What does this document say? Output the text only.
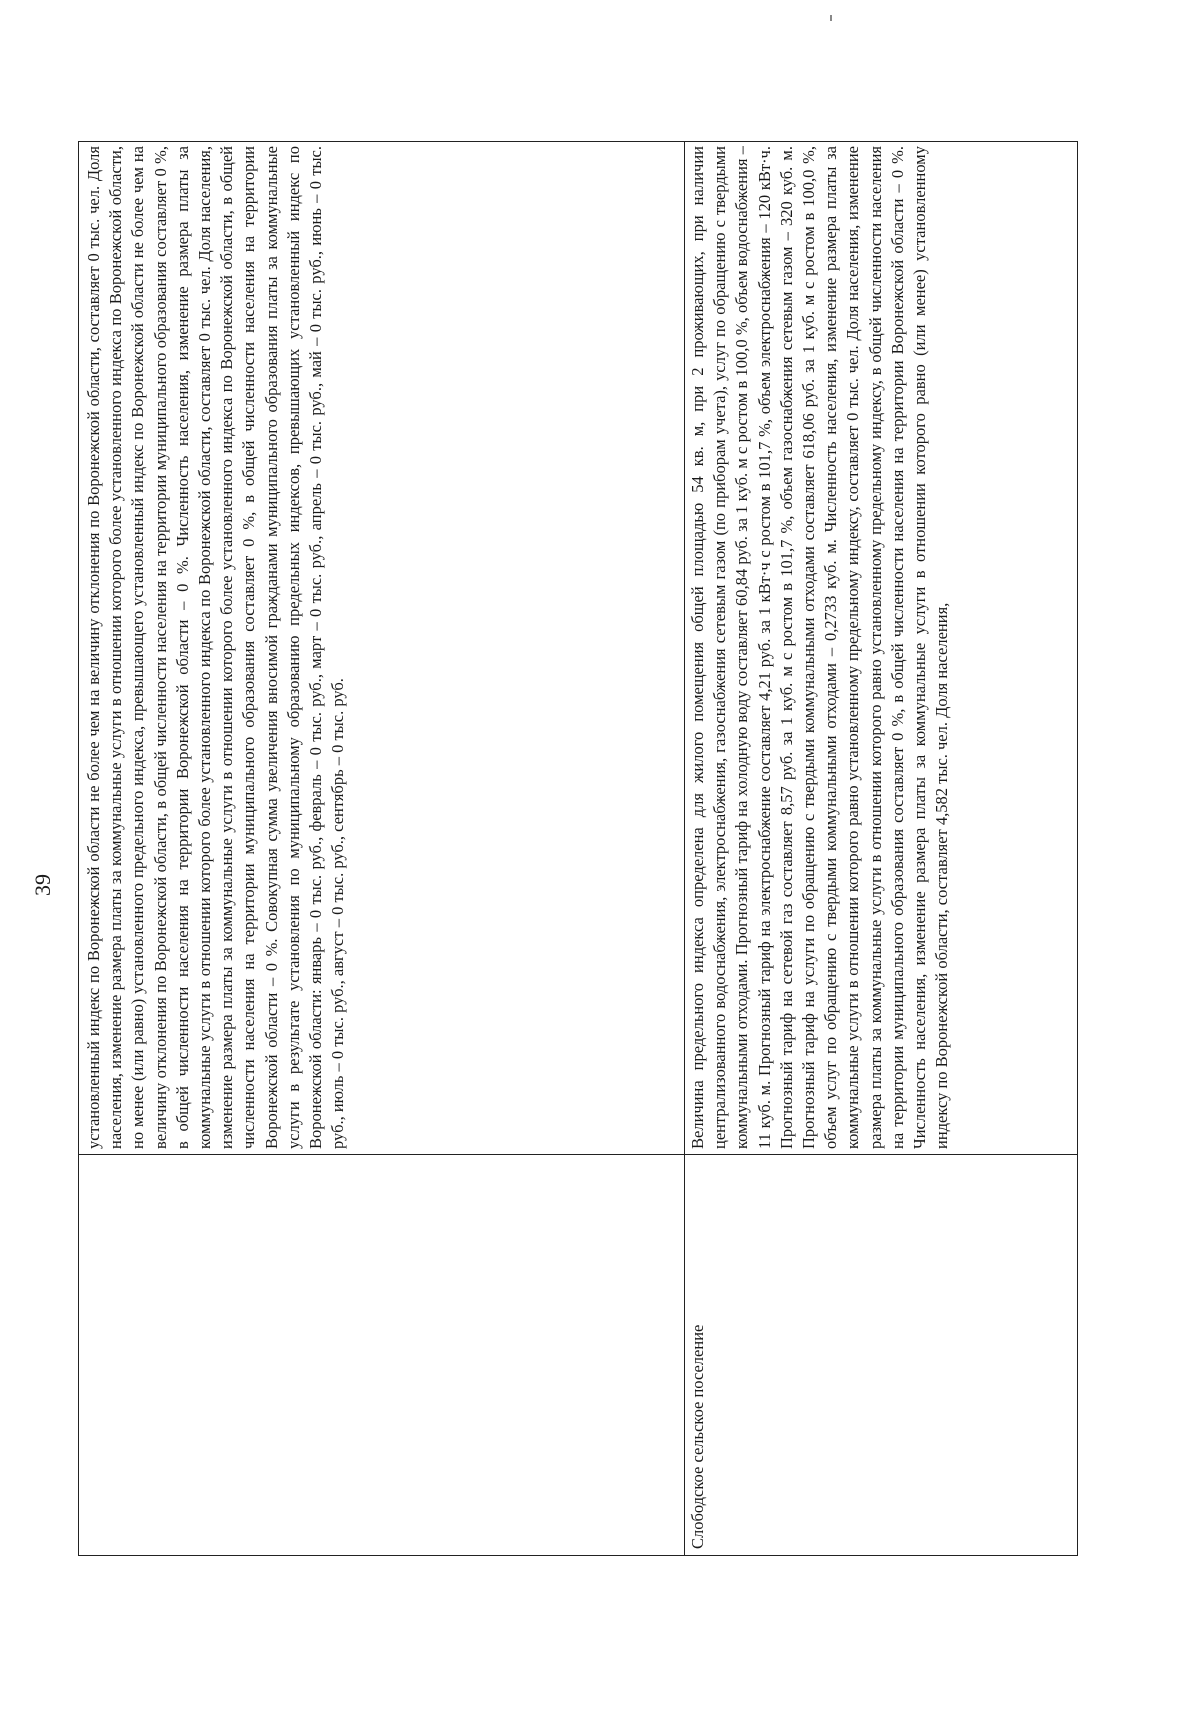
39 установленный индекс по Воронежской области не более чем на величину отклонения по Воронежской области, составляет 0 тыс. чел. Доля населения, изменение размера платы за коммунальные услуги в отношении которого более установленного индекса по Воронежской области, но менее (или равно) установленного предельного индекса, превышающего установленный индекс по Воронежской области не более чем на величину отклонения по Воронежской области, в общей численности населения на территории муниципального образования составляет 0 %, в общей численности населения на территории Воронежской области – 0 %. Численность населения, изменение размера платы за коммунальные услуги в отношении которого более установленного индекса по Воронежской области, составляет 0 тыс. чел. Доля населения, изменение размера платы за коммунальные услуги в отношении которого более установленного индекса по Воронежской области, в общей численности населения на территории муниципального образования составляет 0 %, в общей численности населения на территории Воронежской области – 0 %. Совокупная сумма увеличения вносимой гражданами муниципального образования платы за коммунальные услуги в результате установления по муниципальному образованию предельных индексов, превышающих установленный индекс по Воронежской области: январь – 0 тыс. руб., февраль – 0 тыс. руб., март – 0 тыс. руб., апрель – 0 тыс. руб., май – 0 тыс. руб., июнь – 0 тыс. руб., июль – 0 тыс. руб., август – 0 тыс. руб., сентябрь – 0 тыс. руб.
Слободское сельское поселение
Величина предельного индекса определена для жилого помещения общей площадью 54 кв. м, при 2 проживающих, при наличии централизованного водоснабжения, электроснабжения, газоснабжения сетевым газом (по приборам учета), услуг по обращению с твердыми коммунальными отходами. Прогнозный тариф на холодную воду составляет 60,84 руб. за 1 куб. м с ростом в 100,0 %, объем водоснабжения – 11 куб. м. Прогнозный тариф на электроснабжение составляет 4,21 руб. за 1 кВт·ч с ростом в 101,7 %, объем электроснабжения – 120 кВт·ч. Прогнозный тариф на сетевой газ составляет 8,57 руб. за 1 куб. м с ростом в 101,7 %, объем газоснабжения сетевым газом – 320 куб. м. Прогнозный тариф на услуги по обращению с твердыми коммунальными отходами составляет 618,06 руб. за 1 куб. м с ростом в 100,0 %, объем услуг по обращению с твердыми коммунальными отходами – 0,2733 куб. м. Численность населения, изменение размера платы за коммунальные услуги в отношении которого равно установленному предельному индексу, составляет 0 тыс. чел. Доля населения, изменение размера платы за коммунальные услуги в отношении которого равно установленному предельному индексу, в общей численности населения на территории муниципального образования составляет 0 %, в общей численности населения на территории Воронежской области – 0 %. Численность населения, изменение размера платы за коммунальные услуги в отношении которого равно (или менее) установленному индексу по Воронежской области, составляет 4,582 тыс. чел. Доля населения,
